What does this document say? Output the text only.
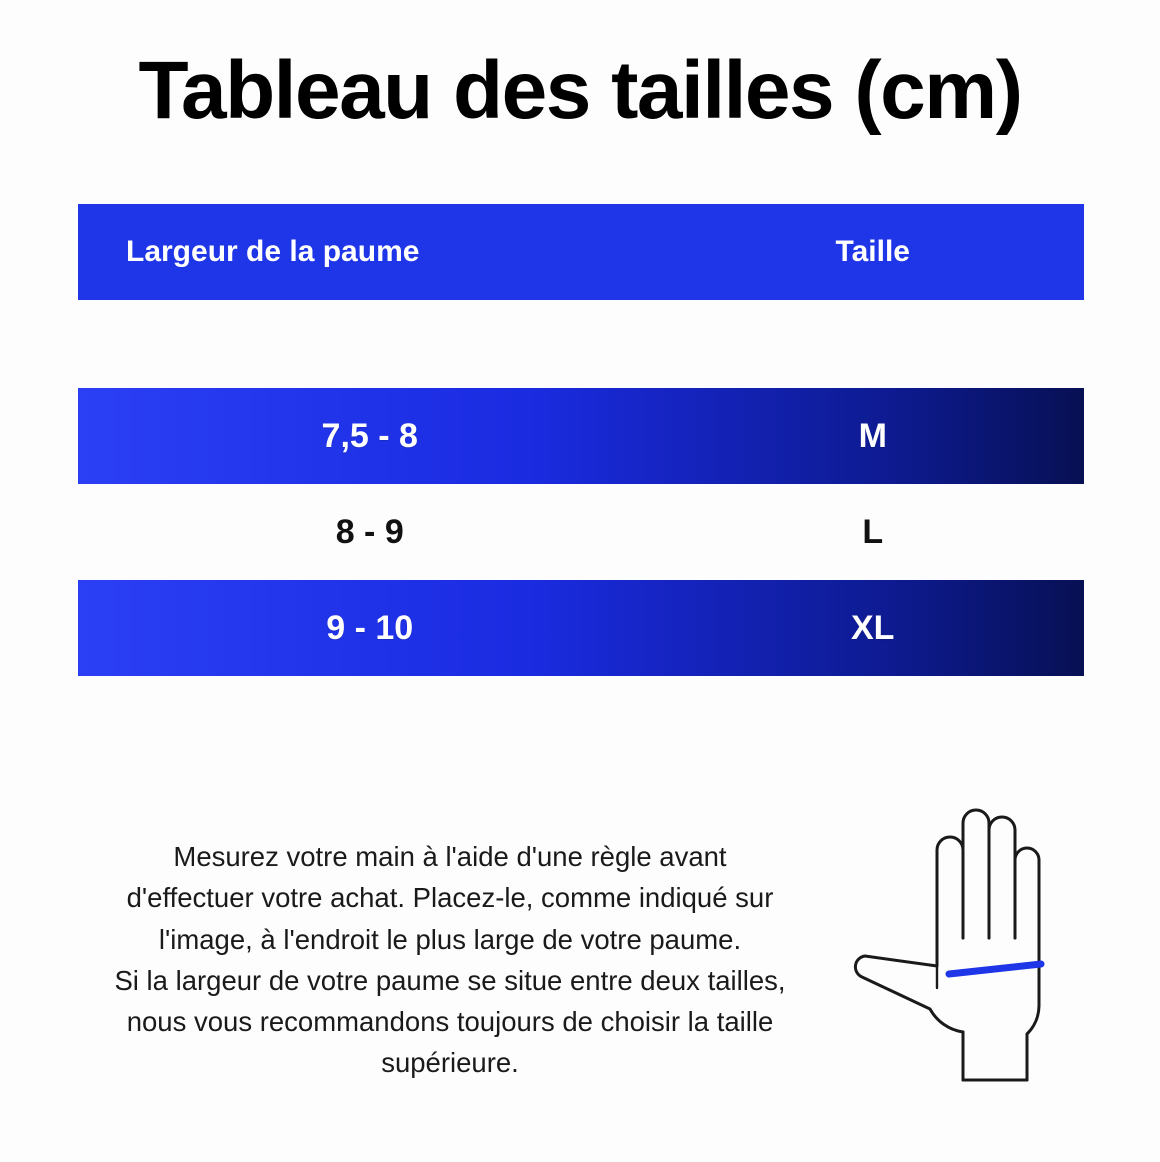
Tableau des tailles (cm)
Largeur de la paume	Taille
7,5 - 8	M
8 - 9	L
9 - 10	XL

Mesurez votre main à l'aide d'une règle avant

d'effectuer votre achat. Placez-le, comme indiqué sur

l'image, à l'endroit le plus large de votre paume.

Si la largeur de votre paume se situe entre deux tailles,

nous vous recommandons toujours de choisir la taille

supérieure.
